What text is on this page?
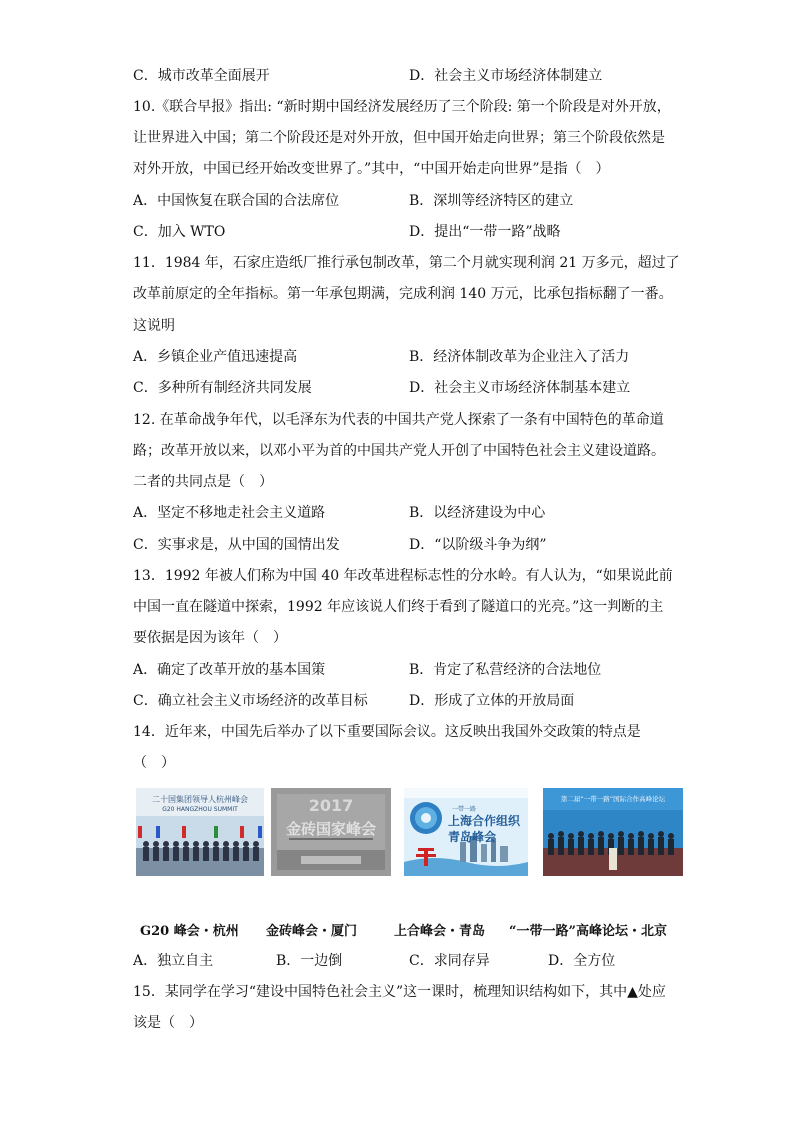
C．城市改革全面展开	D．社会主义市场经济体制建立
10.《联合早报》指出: “新时期中国经济发展经历了三个阶段: 第一个阶段是对外开放，
让世界进入中国；第二个阶段还是对外开放，但中国开始走向世界；第三个阶段依然是
对外开放，中国已经开始改变世界了。”其中，“中国开始走向世界”是指（　）
A．中国恢复在联合国的合法席位	B．深圳等经济特区的建立
C．加入 WTO	D．提出“一带一路”战略
11．1984 年，石家庄造纸厂推行承包制改革，第二个月就实现利润 21 万多元，超过了
改革前原定的全年指标。第一年承包期满，完成利润 140 万元，比承包指标翻了一番。
这说明
A．乡镇企业产值迅速提高	B．经济体制改革为企业注入了活力
C．多种所有制经济共同发展	D．社会主义市场经济体制基本建立
12. 在革命战争年代，以毛泽东为代表的中国共产党人探索了一条有中国特色的革命道
路；改革开放以来，以邓小平为首的中国共产党人开创了中国特色社会主义建设道路。
二者的共同点是（　）
A．坚定不移地走社会主义道路	B．以经济建设为中心
C．实事求是，从中国的国情出发	D．“以阶级斗争为纲”
13．1992 年被人们称为中国 40 年改革进程标志性的分水岭。有人认为，“如果说此前
中国一直在隧道中探索，1992 年应该说人们终于看到了隧道口的光亮。”这一判断的主
要依据是因为该年（　）
A．确定了改革开放的基本国策	B．肯定了私营经济的合法地位
C．确立社会主义市场经济的改革目标	D．形成了立体的开放局面
14．近年来，中国先后举办了以下重要国际会议。这反映出我国外交政策的特点是
（　）
二十国集团领导人杭州峰会
G20 HANGZHOU SUMMIT	2017
金砖国家峰会
一带一路
上海合作组织
青岛峰会
第二届“一带一路”国际合作高峰论坛
G20 峰会・杭州 金砖峰会・厦门	上合峰会・青岛 “一带一路”高峰论坛・北京
A．独立自主	B．一边倒	C．求同存异	D．全方位
15．某同学在学习“建设中国特色社会主义”这一课时，梳理知识结构如下，其中▲处应
该是（　）
